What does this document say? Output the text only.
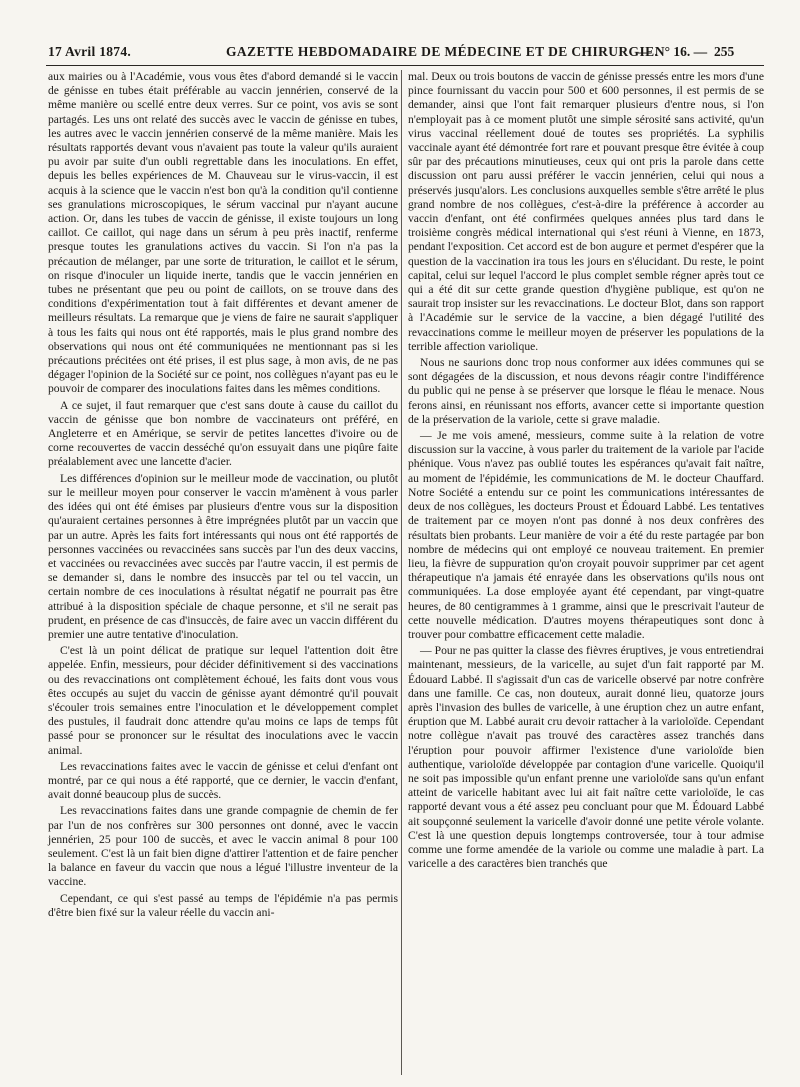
17 Avril 1874.	GAZETTE HEBDOMADAIRE DE MÉDECINE ET DE CHIRURGIE.
— N° 16. — 255

aux mairies ou à l'Académie, vous vous êtes d'abord demandé si le vaccin de génisse en tubes était préférable au vaccin jennérien, conservé de la même manière ou scellé entre deux verres. Sur ce point, vos avis se sont partagés. Les uns ont relaté des succès avec le vaccin de génisse en tubes, les autres avec le vaccin jennérien conservé de la même manière. Mais les résultats rapportés devant vous n'avaient pas toute la valeur qu'ils auraient pu avoir par suite d'un oubli regrettable dans les inoculations. En effet, depuis les belles expériences de M. Chauveau sur le virus-vaccin, il est acquis à la science que le vaccin n'est bon qu'à la condition qu'il contienne ses granulations microscopiques, le sérum vaccinal pur n'ayant aucune action. Or, dans les tubes de vaccin de génisse, il existe toujours un long caillot. Ce caillot, qui nage dans un sérum à peu près inactif, renferme presque toutes les granulations actives du vaccin. Si l'on n'a pas la précaution de mélanger, par une sorte de trituration, le caillot et le sérum, on risque d'inoculer un liquide inerte, tandis que le vaccin jennérien en tubes ne présentant que peu ou point de caillots, on se trouve dans des conditions d'expérimentation tout à fait différentes et devant amener de meilleurs résultats. La remarque que je viens de faire ne saurait s'appliquer à tous les faits qui nous ont été rapportés, mais le plus grand nombre des observations qui nous ont été communiquées ne mentionnant pas si les précautions précitées ont été prises, il est plus sage, à mon avis, de ne pas dégager l'opinion de la Société sur ce point, nos collègues n'ayant pas eu le pouvoir de comparer des inoculations faites dans les mêmes conditions.

A ce sujet, il faut remarquer que c'est sans doute à cause du caillot du vaccin de génisse que bon nombre de vaccinateurs ont préféré, en Angleterre et en Amérique, se servir de petites lancettes d'ivoire ou de corne recouvertes de vaccin desséché qu'on essuyait dans une piqûre faite préalablement avec une lancette d'acier.

Les différences d'opinion sur le meilleur mode de vaccination, ou plutôt sur le meilleur moyen pour conserver le vaccin m'amènent à vous parler des idées qui ont été émises par plusieurs d'entre vous sur la disposition qu'auraient certaines personnes à être imprégnées plutôt par un vaccin que par un autre. Après les faits fort intéressants qui nous ont été rapportés de personnes vaccinées ou revaccinées sans succès par l'un des deux vaccins, et vaccinées ou revaccinées avec succès par l'autre vaccin, il est permis de se demander si, dans le nombre des insuccès par tel ou tel vaccin, un certain nombre de ces inoculations à résultat négatif ne pourrait pas être attribué à la disposition spéciale de chaque personne, et s'il ne serait pas prudent, en présence de cas d'insuccès, de faire avec un vaccin différent du premier une autre tentative d'inoculation.

C'est là un point délicat de pratique sur lequel l'attention doit être appelée. Enfin, messieurs, pour décider définitivement si des vaccinations ou des revaccinations ont complètement échoué, les faits dont vous vous êtes occupés au sujet du vaccin de génisse ayant démontré qu'il pouvait s'écouler trois semaines entre l'inoculation et le développement complet des pustules, il faudrait donc attendre qu'au moins ce laps de temps fût passé pour se prononcer sur le résultat des inoculations avec le vaccin animal.

Les revaccinations faites avec le vaccin de génisse et celui d'enfant ont montré, par ce qui nous a été rapporté, que ce dernier, le vaccin d'enfant, avait donné beaucoup plus de succès.

Les revaccinations faites dans une grande compagnie de chemin de fer par l'un de nos confrères sur 300 personnes ont donné, avec le vaccin jennérien, 25 pour 100 de succès, et avec le vaccin animal 8 pour 100 seulement. C'est là un fait bien digne d'attirer l'attention et de faire pencher la balance en faveur du vaccin que nous a légué l'illustre inventeur de la vaccine.

Cependant, ce qui s'est passé au temps de l'épidémie n'a pas permis d'être bien fixé sur la valeur réelle du vaccin ani-

mal. Deux ou trois boutons de vaccin de génisse pressés entre les mors d'une pince fournissant du vaccin pour 500 et 600 personnes, il est permis de se demander, ainsi que l'ont fait remarquer plusieurs d'entre nous, si l'on n'employait pas à ce moment plutôt une simple sérosité sans activité, qu'un virus vaccinal réellement doué de toutes ses propriétés. La syphilis vaccinale ayant été démontrée fort rare et pouvant presque être évitée à coup sûr par des précautions minutieuses, ceux qui ont pris la parole dans cette discussion ont paru aussi préférer le vaccin jennérien, celui qui nous a préservés jusqu'alors. Les conclusions auxquelles semble s'être arrêté le plus grand nombre de nos collègues, c'est-à-dire la préférence à accorder au vaccin d'enfant, ont été confirmées quelques années plus tard dans le troisième congrès médical international qui s'est réuni à Vienne, en 1873, pendant l'exposition. Cet accord est de bon augure et permet d'espérer que la question de la vaccination ira tous les jours en s'élucidant. Du reste, le point capital, celui sur lequel l'accord le plus complet semble régner après tout ce qui a été dit sur cette grande question d'hygiène publique, est qu'on ne saurait trop insister sur les revaccinations. Le docteur Blot, dans son rapport à l'Académie sur le service de la vaccine, a bien dégagé l'utilité des revaccinations comme le meilleur moyen de préserver les populations de la terrible affection variolique.

Nous ne saurions donc trop nous conformer aux idées communes qui se sont dégagées de la discussion, et nous devons réagir contre l'indifférence du public qui ne pense à se préserver que lorsque le fléau le menace. Nous ferons ainsi, en réunissant nos efforts, avancer cette si importante question de la préservation de la variole, cette si grave maladie.

— Je me vois amené, messieurs, comme suite à la relation de votre discussion sur la vaccine, à vous parler du traitement de la variole par l'acide phénique. Vous n'avez pas oublié toutes les espérances qu'avait fait naître, au moment de l'épidémie, les communications de M. le docteur Chauffard. Notre Société a entendu sur ce point les communications intéressantes de deux de nos collègues, les docteurs Proust et Édouard Labbé. Les tentatives de traitement par ce moyen n'ont pas donné à nos deux confrères des résultats bien probants. Leur manière de voir a été du reste partagée par bon nombre de médecins qui ont employé ce nouveau traitement. En premier lieu, la fièvre de suppuration qu'on croyait pouvoir supprimer par cet agent thérapeutique n'a jamais été enrayée dans les observations qu'ils nous ont communiquées. La dose employée ayant été cependant, par vingt-quatre heures, de 80 centigrammes à 1 gramme, ainsi que le prescrivait l'auteur de cette nouvelle médication. D'autres moyens thérapeutiques sont donc à trouver pour combattre efficacement cette maladie.

— Pour ne pas quitter la classe des fièvres éruptives, je vous entretiendrai maintenant, messieurs, de la varicelle, au sujet d'un fait rapporté par M. Édouard Labbé. Il s'agissait d'un cas de varicelle observé par notre confrère dans une famille. Ce cas, non douteux, aurait donné lieu, quatorze jours après l'invasion des bulles de varicelle, à une éruption chez un autre enfant, éruption que M. Labbé aurait cru devoir rattacher à la varioloïde. Cependant notre collègue n'avait pas trouvé des caractères assez tranchés dans l'éruption pour pouvoir affirmer l'existence d'une varioloïde bien authentique, varioloïde développée par contagion d'une varicelle. Quoiqu'il ne soit pas impossible qu'un enfant prenne une varioloïde sans qu'un enfant atteint de varicelle habitant avec lui ait fait naître cette varioloïde, le cas rapporté devant vous a été assez peu concluant pour que M. Édouard Labbé ait soupçonné seulement la varicelle d'avoir donné une petite vérole volante. C'est là une question depuis longtemps controversée, tour à tour admise comme une forme amendée de la variole ou comme une maladie à part. La varicelle a des caractères bien tranchés que
